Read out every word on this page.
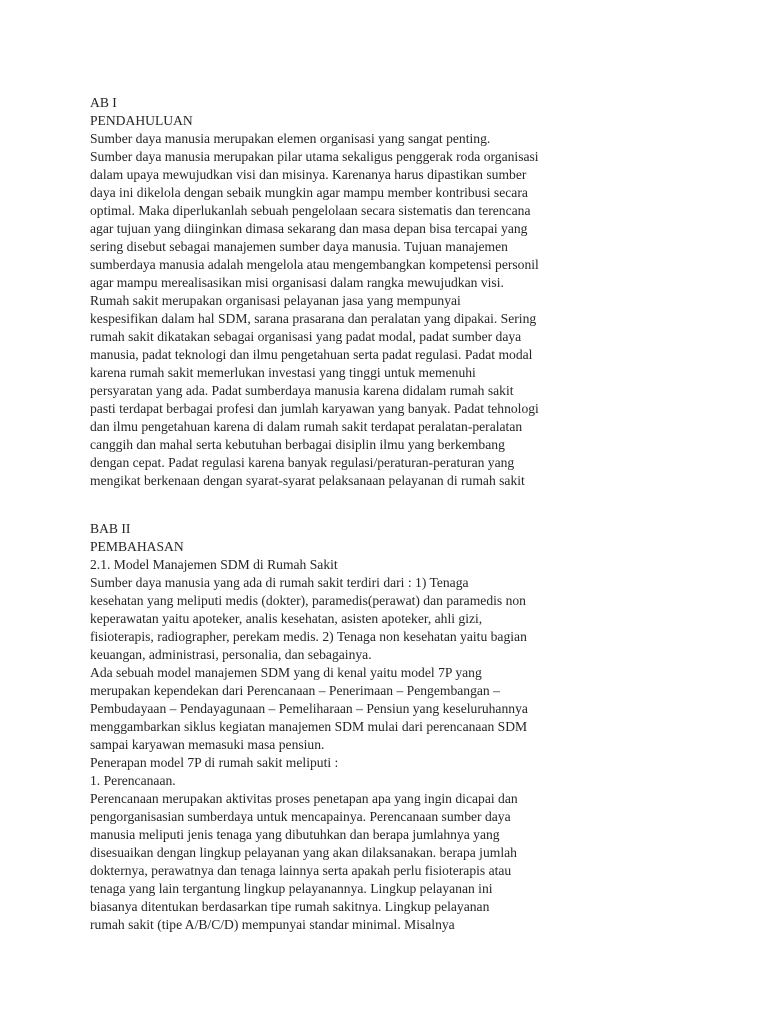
AB I
PENDAHULUAN
Sumber daya manusia merupakan elemen organisasi yang sangat penting.
Sumber daya manusia merupakan pilar utama sekaligus penggerak roda organisasi
dalam upaya mewujudkan visi dan misinya. Karenanya harus dipastikan sumber
daya ini dikelola dengan sebaik mungkin agar mampu member kontribusi secara
optimal. Maka diperlukanlah sebuah pengelolaan secara sistematis dan terencana
agar tujuan yang diinginkan dimasa sekarang dan masa depan bisa tercapai yang
sering disebut sebagai manajemen sumber daya manusia. Tujuan manajemen
sumberdaya manusia adalah mengelola atau mengembangkan kompetensi personil
agar mampu merealisasikan misi organisasi dalam rangka mewujudkan visi.
Rumah sakit merupakan organisasi pelayanan jasa yang mempunyai
kespesifikan dalam hal SDM, sarana prasarana dan peralatan yang dipakai. Sering
rumah sakit dikatakan sebagai organisasi yang padat modal, padat sumber daya
manusia, padat teknologi dan ilmu pengetahuan serta padat regulasi. Padat modal
karena rumah sakit memerlukan investasi yang tinggi untuk memenuhi
persyaratan yang ada. Padat sumberdaya manusia karena didalam rumah sakit
pasti terdapat berbagai profesi dan jumlah karyawan yang banyak. Padat tehnologi
dan ilmu pengetahuan karena di dalam rumah sakit terdapat peralatan-peralatan
canggih dan mahal serta kebutuhan berbagai disiplin ilmu yang berkembang
dengan cepat. Padat regulasi karena banyak regulasi/peraturan-peraturan yang
mengikat berkenaan dengan syarat-syarat pelaksanaan pelayanan di rumah sakit
BAB II
PEMBAHASAN
2.1. Model Manajemen SDM di Rumah Sakit
Sumber daya manusia yang ada di rumah sakit terdiri dari : 1) Tenaga
kesehatan yang meliputi medis (dokter), paramedis(perawat) dan paramedis non
keperawatan yaitu apoteker, analis kesehatan, asisten apoteker, ahli gizi,
fisioterapis, radiographer, perekam medis. 2) Tenaga non kesehatan yaitu bagian
keuangan, administrasi, personalia, dan sebagainya.
Ada sebuah model manajemen SDM yang di kenal yaitu model 7P yang
merupakan kependekan dari Perencanaan – Penerimaan – Pengembangan –
Pembudayaan – Pendayagunaan – Pemeliharaan – Pensiun yang keseluruhannya
menggambarkan siklus kegiatan manajemen SDM mulai dari perencanaan SDM
sampai karyawan memasuki masa pensiun.
Penerapan model 7P di rumah sakit meliputi :
1. Perencanaan.
Perencanaan merupakan aktivitas proses penetapan apa yang ingin dicapai dan
pengorganisasian sumberdaya untuk mencapainya. Perencanaan sumber daya
manusia meliputi jenis tenaga yang dibutuhkan dan berapa jumlahnya yang
disesuaikan dengan lingkup pelayanan yang akan dilaksanakan. berapa jumlah
dokternya, perawatnya dan tenaga lainnya serta apakah perlu fisioterapis atau
tenaga yang lain tergantung lingkup pelayanannya. Lingkup pelayanan ini
biasanya ditentukan berdasarkan tipe rumah sakitnya. Lingkup pelayanan
rumah sakit (tipe A/B/C/D) mempunyai standar minimal. Misalnya
